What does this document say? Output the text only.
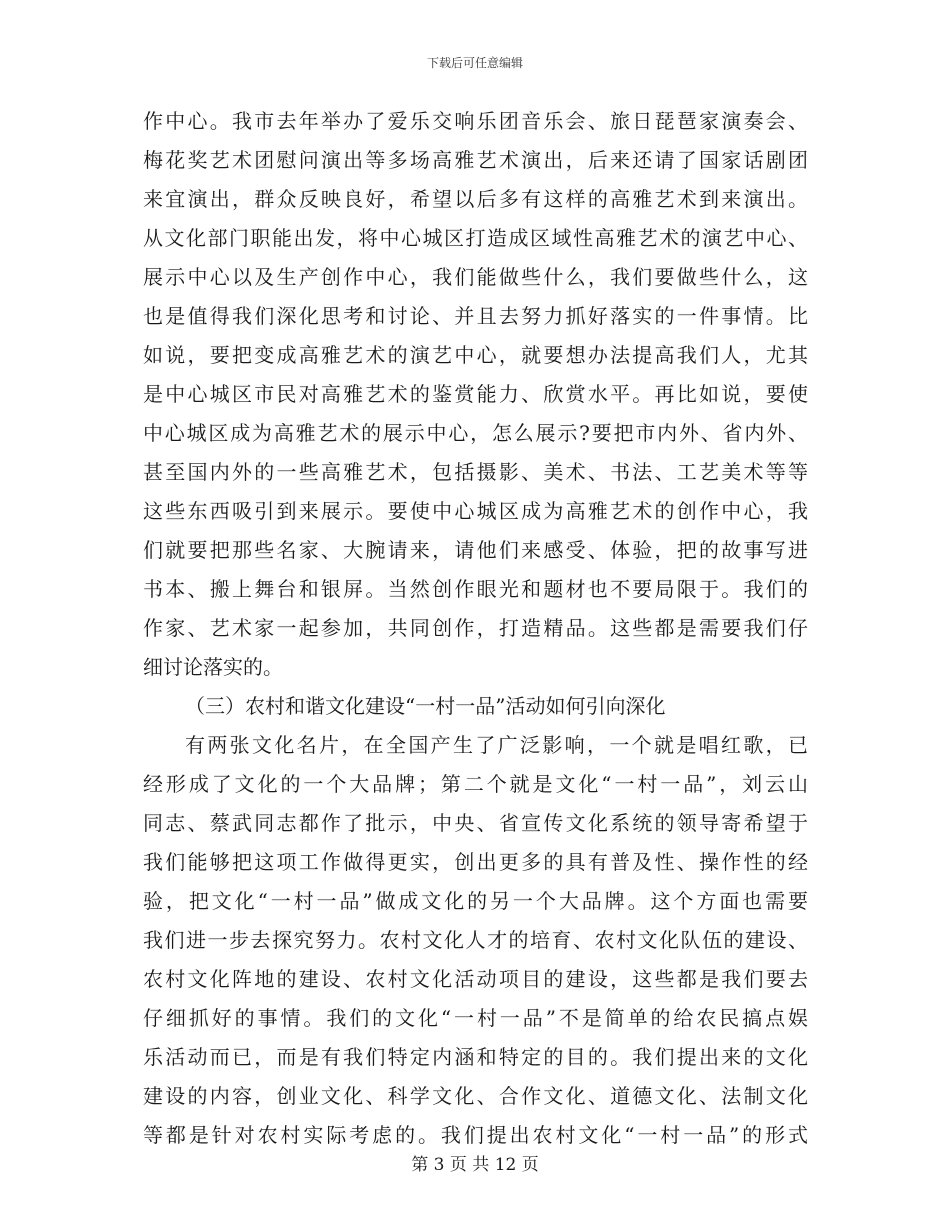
下载后可任意编辑
作中心。我市去年举办了爱乐交响乐团音乐会、旅日琵琶家演奏会、
梅花奖艺术团慰问演出等多场高雅艺术演出，后来还请了国家话剧团
来宜演出，群众反映良好，希望以后多有这样的高雅艺术到来演出。
从文化部门职能出发，将中心城区打造成区域性高雅艺术的演艺中心、
展示中心以及生产创作中心，我们能做些什么，我们要做些什么，这
也是值得我们深化思考和讨论、并且去努力抓好落实的一件事情。比
如说，要把变成高雅艺术的演艺中心，就要想办法提高我们人，尤其
是中心城区市民对高雅艺术的鉴赏能力、欣赏水平。再比如说，要使
中心城区成为高雅艺术的展示中心，怎么展示?要把市内外、省内外、
甚至国内外的一些高雅艺术，包括摄影、美术、书法、工艺美术等等
这些东西吸引到来展示。要使中心城区成为高雅艺术的创作中心，我
们就要把那些名家、大腕请来，请他们来感受、体验，把的故事写进
书本、搬上舞台和银屏。当然创作眼光和题材也不要局限于。我们的
作家、艺术家一起参加，共同创作，打造精品。这些都是需要我们仔
细讨论落实的。
（三）农村和谐文化建设“一村一品”活动如何引向深化
有两张文化名片，在全国产生了广泛影响，一个就是唱红歌，已
经形成了文化的一个大品牌；第二个就是文化“一村一品”，刘云山
同志、蔡武同志都作了批示，中央、省宣传文化系统的领导寄希望于
我们能够把这项工作做得更实，创出更多的具有普及性、操作性的经
验，把文化“一村一品”做成文化的另一个大品牌。这个方面也需要
我们进一步去探究努力。农村文化人才的培育、农村文化队伍的建设、
农村文化阵地的建设、农村文化活动项目的建设，这些都是我们要去
仔细抓好的事情。我们的文化“一村一品”不是简单的给农民搞点娱
乐活动而已，而是有我们特定内涵和特定的目的。我们提出来的文化
建设的内容，创业文化、科学文化、合作文化、道德文化、法制文化
等都是针对农村实际考虑的。我们提出农村文化“一村一品”的形式
第 3 页 共 12 页
